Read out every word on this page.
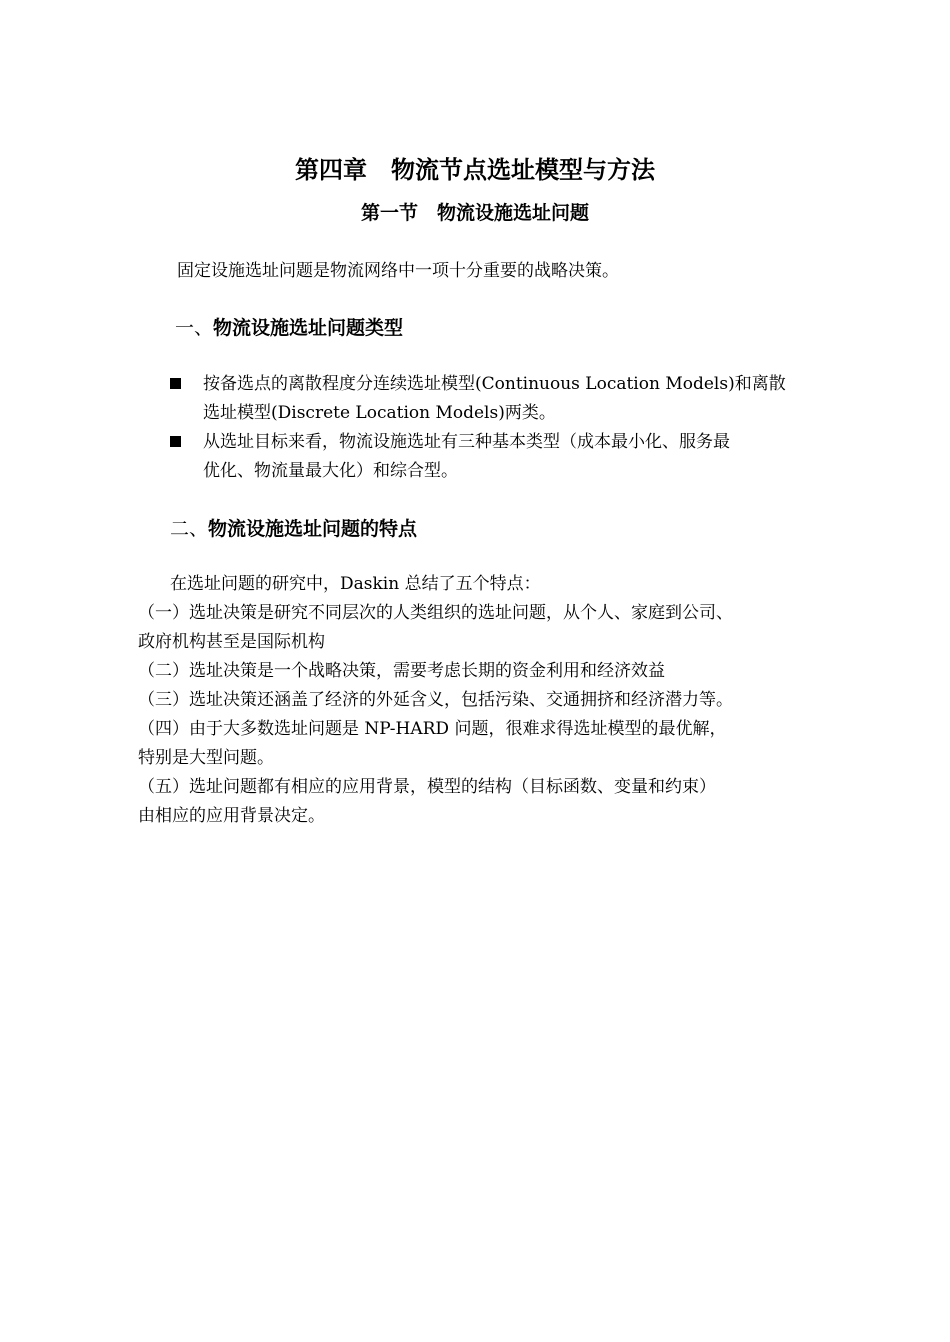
第四章　物流节点选址模型与方法
第一节　物流设施选址问题
固定设施选址问题是物流网络中一项十分重要的战略决策。
一、物流设施选址问题类型
按备选点的离散程度分连续选址模型(Continuous Location Models)和离散
选址模型(Discrete Location Models)两类。
从选址目标来看，物流设施选址有三种基本类型（成本最小化、服务最
优化、物流量最大化）和综合型。
二、物流设施选址问题的特点
在选址问题的研究中，Daskin 总结了五个特点：
（一）选址决策是研究不同层次的人类组织的选址问题，从个人、家庭到公司、
政府机构甚至是国际机构
（二）选址决策是一个战略决策，需要考虑长期的资金利用和经济效益
（三）选址决策还涵盖了经济的外延含义，包括污染、交通拥挤和经济潜力等。
（四）由于大多数选址问题是 NP-HARD 问题，很难求得选址模型的最优解，
特别是大型问题。
（五）选址问题都有相应的应用背景，模型的结构（目标函数、变量和约束）
由相应的应用背景决定。
